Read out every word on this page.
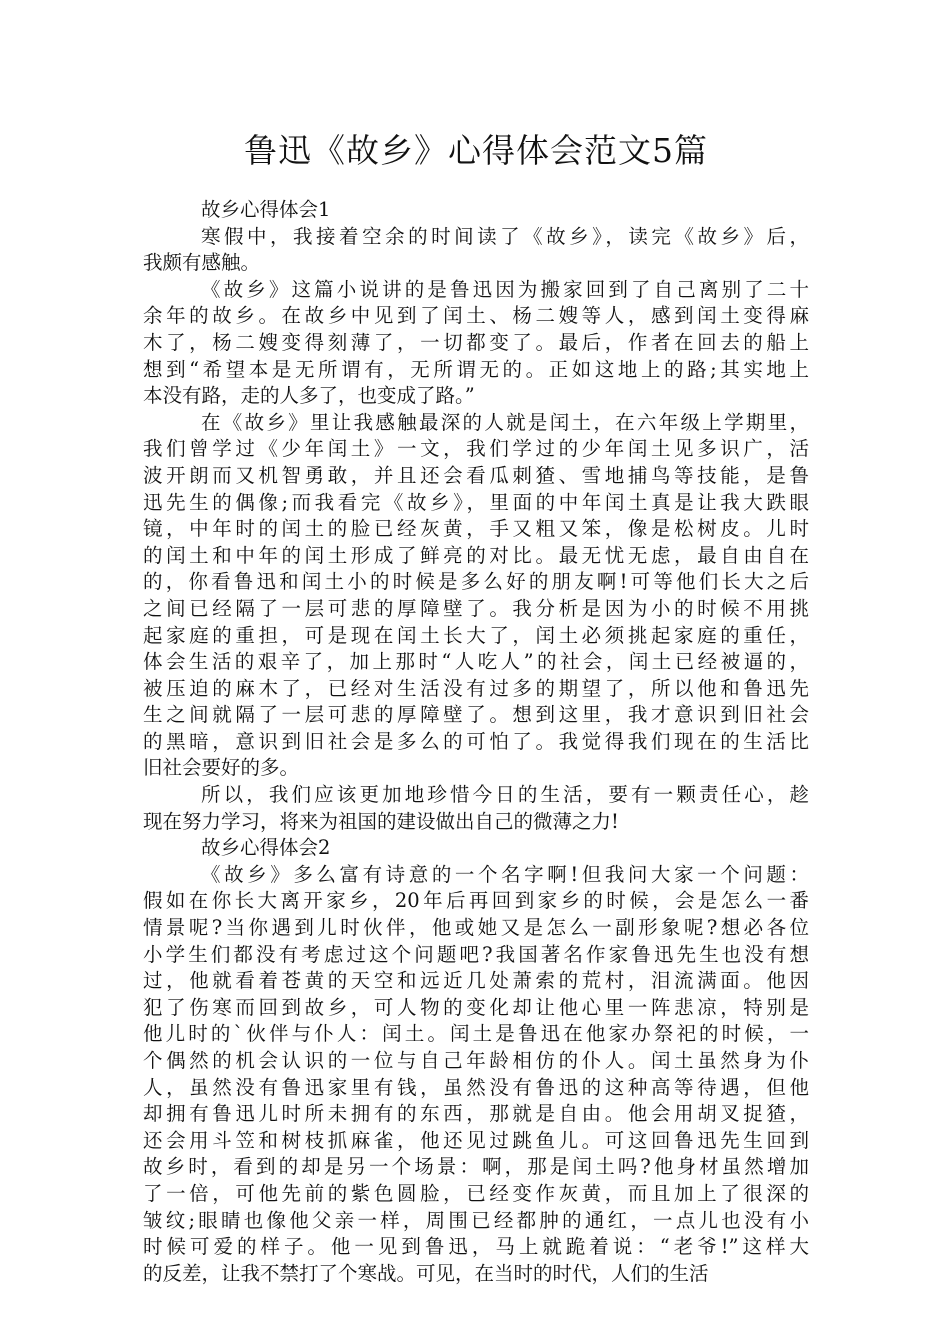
鲁迅《故乡》心得体会范文5篇

故乡心得体会1

寒假中，我接着空余的时间读了《故乡》，读完《故乡》后，
我颇有感触。

《故乡》这篇小说讲的是鲁迅因为搬家回到了自己离别了二十
余年的故乡。在故乡中见到了闰土、杨二嫂等人，感到闰土变得麻
木了，杨二嫂变得刻薄了，一切都变了。最后，作者在回去的船上
想到“希望本是无所谓有，无所谓无的。正如这地上的路;其实地上
本没有路，走的人多了，也变成了路。”

在《故乡》里让我感触最深的人就是闰土，在六年级上学期里，
我们曾学过《少年闰土》一文，我们学过的少年闰土见多识广，活
波开朗而又机智勇敢，并且还会看瓜刺猹、雪地捕鸟等技能，是鲁
迅先生的偶像;而我看完《故乡》，里面的中年闰土真是让我大跌眼
镜，中年时的闰土的脸已经灰黄，手又粗又笨，像是松树皮。儿时
的闰土和中年的闰土形成了鲜亮的对比。最无忧无虑，最自由自在
的，你看鲁迅和闰土小的时候是多么好的朋友啊!可等他们长大之后
之间已经隔了一层可悲的厚障壁了。我分析是因为小的时候不用挑
起家庭的重担，可是现在闰土长大了，闰土必须挑起家庭的重任，
体会生活的艰辛了，加上那时“人吃人”的社会，闰土已经被逼的，
被压迫的麻木了，已经对生活没有过多的期望了，所以他和鲁迅先
生之间就隔了一层可悲的厚障壁了。想到这里，我才意识到旧社会
的黑暗，意识到旧社会是多么的可怕了。我觉得我们现在的生活比
旧社会要好的多。

所以，我们应该更加地珍惜今日的生活，要有一颗责任心，趁
现在努力学习，将来为祖国的建设做出自己的微薄之力!

故乡心得体会2

《故乡》多么富有诗意的一个名字啊!但我问大家一个问题：
假如在你长大离开家乡，20年后再回到家乡的时候，会是怎么一番
情景呢?当你遇到儿时伙伴，他或她又是怎么一副形象呢?想必各位
小学生们都没有考虑过这个问题吧?我国著名作家鲁迅先生也没有想
过，他就看着苍黄的天空和远近几处萧索的荒村，泪流满面。他因
犯了伤寒而回到故乡，可人物的变化却让他心里一阵悲凉，特别是
他儿时的`伙伴与仆人：闰土。闰土是鲁迅在他家办祭祀的时候，一
个偶然的机会认识的一位与自己年龄相仿的仆人。闰土虽然身为仆
人，虽然没有鲁迅家里有钱，虽然没有鲁迅的这种高等待遇，但他
却拥有鲁迅儿时所未拥有的东西，那就是自由。他会用胡叉捉猹，
还会用斗笠和树枝抓麻雀，他还见过跳鱼儿。可这回鲁迅先生回到
故乡时，看到的却是另一个场景：啊，那是闰土吗?他身材虽然增加
了一倍，可他先前的紫色圆脸，已经变作灰黄，而且加上了很深的
皱纹;眼睛也像他父亲一样，周围已经都肿的通红，一点儿也没有小
时候可爱的样子。他一见到鲁迅，马上就跪着说：“老爷!”这样大
的反差，让我不禁打了个寒战。可见，在当时的时代，人们的生活
